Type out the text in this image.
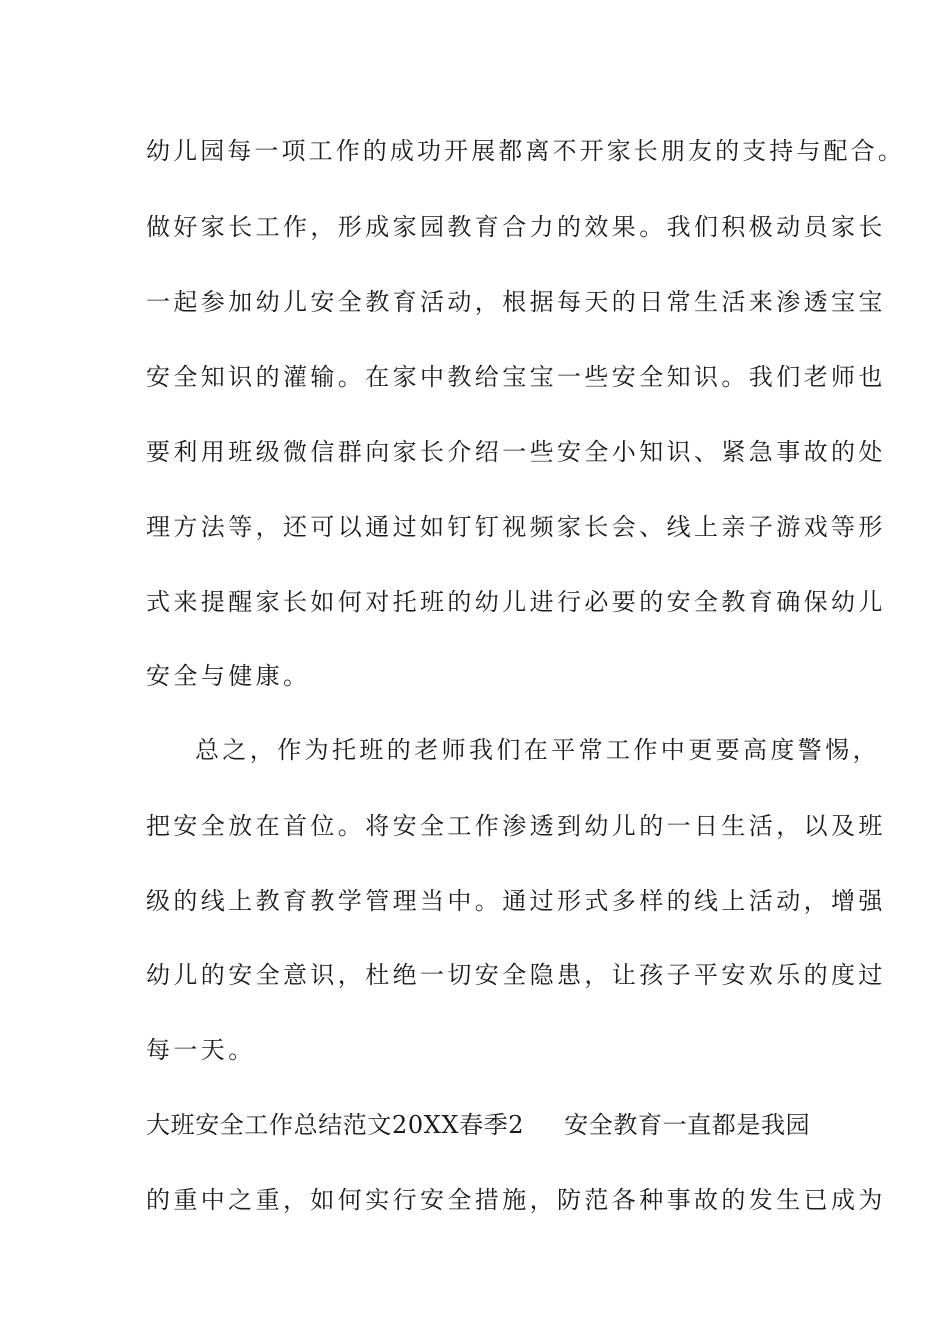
幼儿园每一项工作的成功开展都离不开家长朋友的支持与配合。
做好家长工作，形成家园教育合力的效果。我们积极动员家长
一起参加幼儿安全教育活动，根据每天的日常生活来渗透宝宝
安全知识的灌输。在家中教给宝宝一些安全知识。我们老师也
要利用班级微信群向家长介绍一些安全小知识、紧急事故的处
理方法等，还可以通过如钉钉视频家长会、线上亲子游戏等形
式来提醒家长如何对托班的幼儿进行必要的安全教育确保幼儿
安全与健康。
总之，作为托班的老师我们在平常工作中更要高度警惕，
把安全放在首位。将安全工作渗透到幼儿的一日生活，以及班
级的线上教育教学管理当中。通过形式多样的线上活动，增强
幼儿的安全意识，杜绝一切安全隐患，让孩子平安欢乐的度过
每一天。
大班安全工作总结范文20XX春季2 安全教育一直都是我园
的重中之重，如何实行安全措施，防范各种事故的发生已成为
